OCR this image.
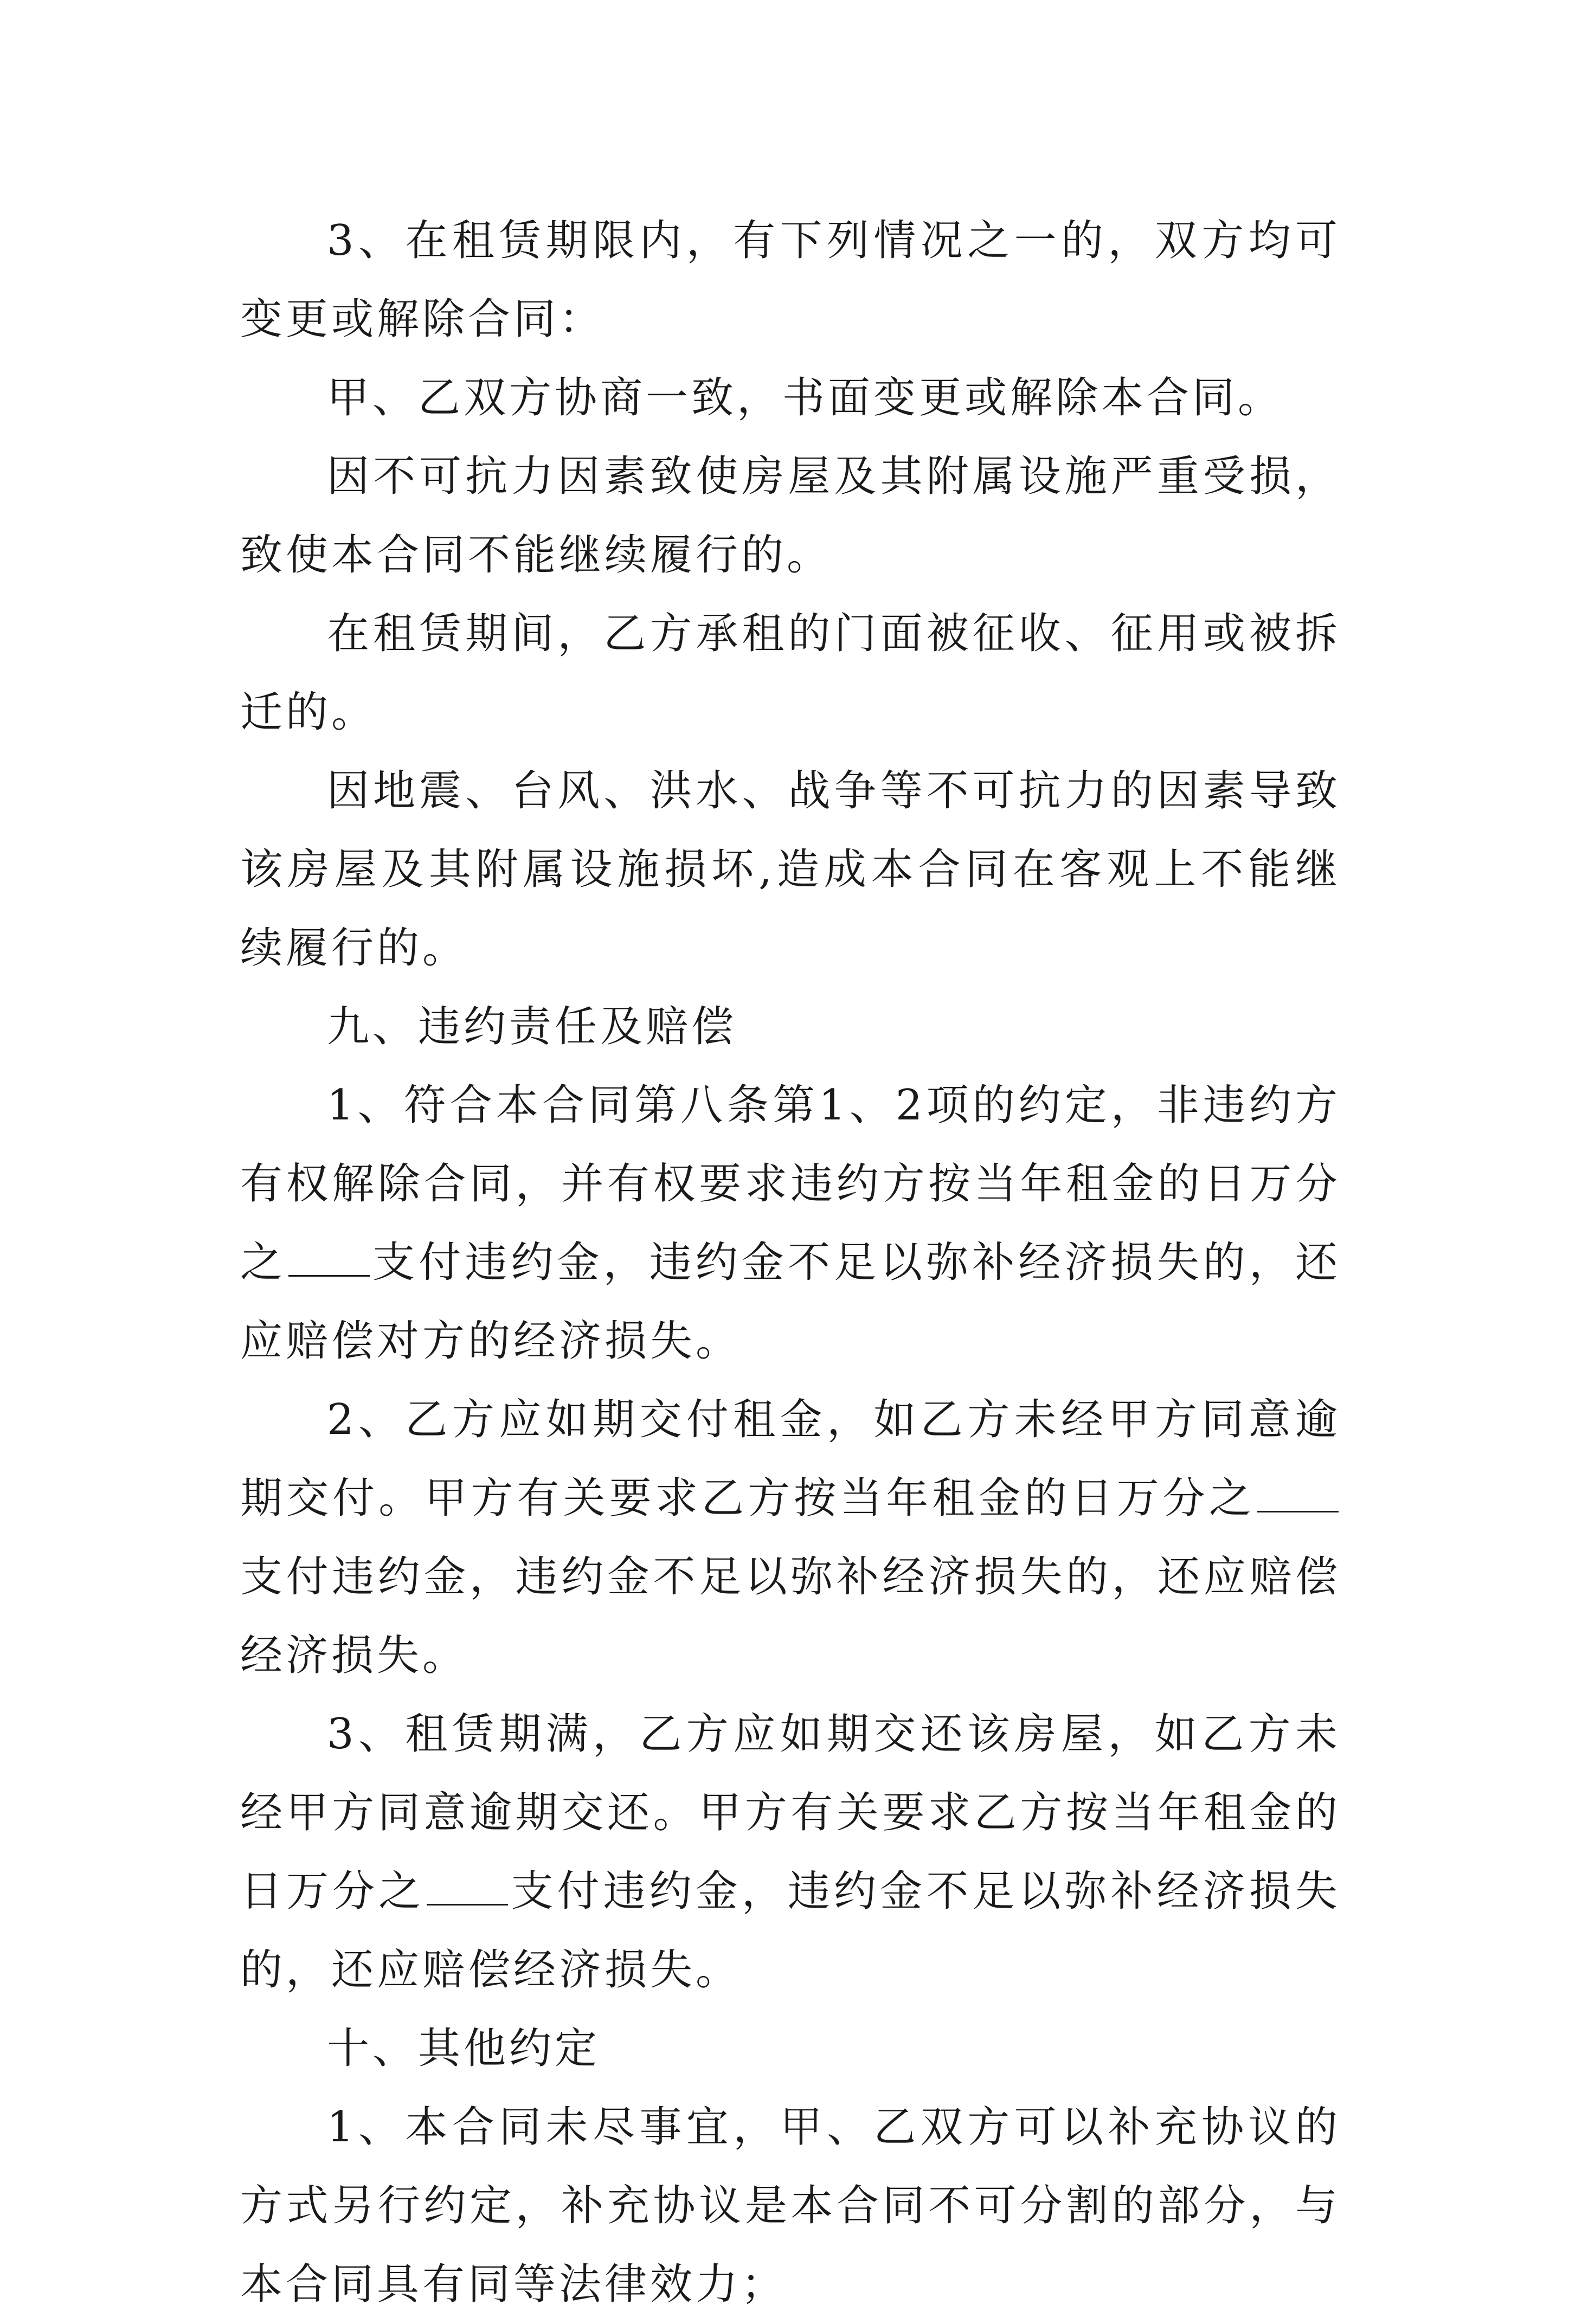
3、在租赁期限内，有下列情况之一的，双方均可变更或解除合同：

甲、乙双方协商一致，书面变更或解除本合同。

因不可抗力因素致使房屋及其附属设施严重受损，致使本合同不能继续履行的。

在租赁期间，乙方承租的门面被征收、征用或被拆迁的。

因地震、台风、洪水、战争等不可抗力的因素导致该房屋及其附属设施损坏,造成本合同在客观上不能继续履行的。

九、违约责任及赔偿

1、符合本合同第八条第1、2项的约定，非违约方有权解除合同，并有权要求违约方按当年租金的日万分之 支付违约金，违约金不足以弥补经济损失的，还应赔偿对方的经济损失。

2、乙方应如期交付租金，如乙方未经甲方同意逾期交付。甲方有关要求乙方按当年租金的日万分之支付违约金，违约金不足以弥补经济损失的，还应赔偿经济损失。

3、租赁期满，乙方应如期交还该房屋，如乙方未经甲方同意逾期交还。甲方有关要求乙方按当年租金的日万分之 支付违约金，违约金不足以弥补经济损失的，还应赔偿经济损失。

十、其他约定

1、本合同未尽事宜，甲、乙双方可以补充协议的方式另行约定，补充协议是本合同不可分割的部分，与本合同具有同等法律效力；
